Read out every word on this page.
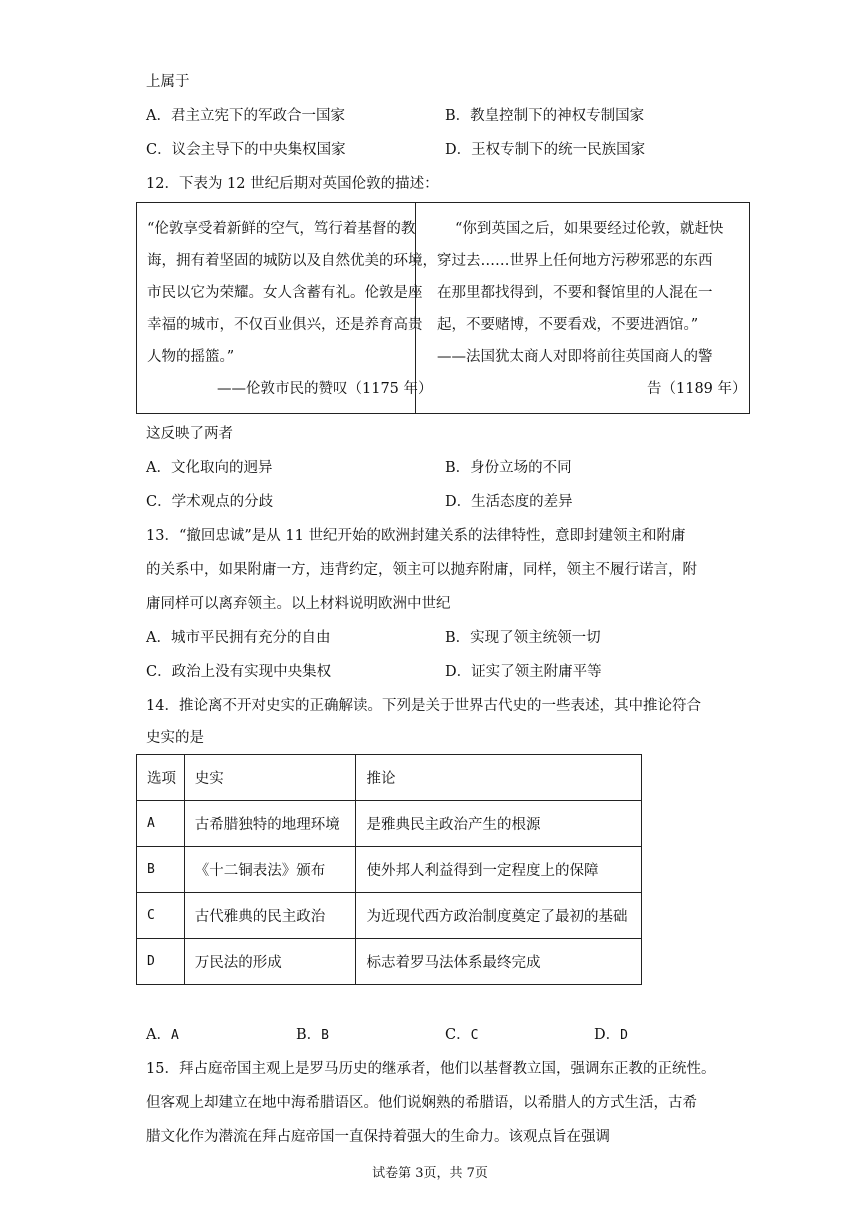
上属于
A．君主立宪下的军政合一国家	B．教皇控制下的神权专制国家
C．议会主导下的中央集权国家	D．王权专制下的统一民族国家
12．下表为 12 世纪后期对英国伦敦的描述：
“伦敦享受着新鲜的空气，笃行着基督的教
诲，拥有着坚固的城防以及自然优美的环境，
市民以它为荣耀。女人含蓄有礼。伦敦是座
幸福的城市，不仅百业俱兴，还是养育高贵
人物的摇篮。”
——伦敦市民的赞叹（1175 年）
“你到英国之后，如果要经过伦敦，就赶快
穿过去……世界上任何地方污秽邪恶的东西
在那里都找得到，不要和餐馆里的人混在一
起，不要赌博，不要看戏，不要进酒馆。”
——法国犹太商人对即将前往英国商人的警
告（1189 年）
这反映了两者
A．文化取向的迥异	B．身份立场的不同
C．学术观点的分歧	D．生活态度的差异
13．“撤回忠诚”是从 11 世纪开始的欧洲封建关系的法律特性，意即封建领主和附庸
的关系中，如果附庸一方，违背约定，领主可以抛弃附庸，同样，领主不履行诺言，附
庸同样可以离弃领主。以上材料说明欧洲中世纪
A．城市平民拥有充分的自由	B．实现了领主统领一切
C．政治上没有实现中央集权	D．证实了领主附庸平等
14．推论离不开对史实的正确解读。下列是关于世界古代史的一些表述，其中推论符合
史实的是
选项	史实	推论
A	古希腊独特的地理环境	是雅典民主政治产生的根源
B	《十二铜表法》颁布	使外邦人利益得到一定程度上的保障
C	古代雅典的民主政治	为近现代西方政治制度奠定了最初的基础
D	万民法的形成	标志着罗马法体系最终完成
A．A	B．B	C．C	D．D
15．拜占庭帝国主观上是罗马历史的继承者，他们以基督教立国，强调东正教的正统性。
但客观上却建立在地中海希腊语区。他们说娴熟的希腊语，以希腊人的方式生活，古希
腊文化作为潜流在拜占庭帝国一直保持着强大的生命力。该观点旨在强调
试卷第 3页，共 7页
